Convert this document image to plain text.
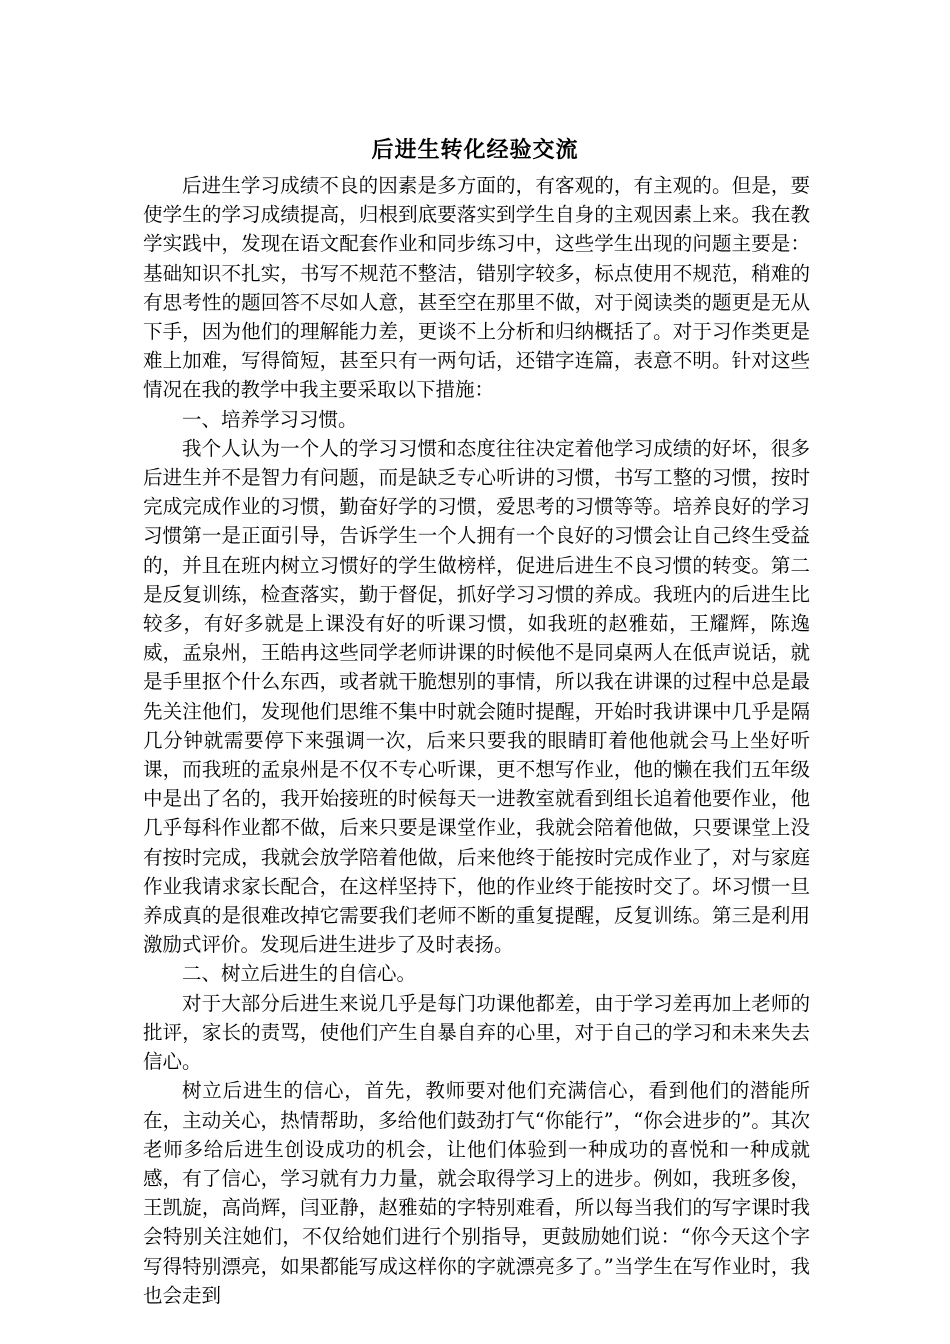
后进生转化经验交流

后进生学习成绩不良的因素是多方面的，有客观的，有主观的。但是，要使学生的学习成绩提高，归根到底要落实到学生自身的主观因素上来。我在教学实践中，发现在语文配套作业和同步练习中，这些学生出现的问题主要是：基础知识不扎实，书写不规范不整洁，错别字较多，标点使用不规范，稍难的有思考性的题回答不尽如人意，甚至空在那里不做，对于阅读类的题更是无从下手，因为他们的理解能力差，更谈不上分析和归纳概括了。对于习作类更是难上加难，写得简短，甚至只有一两句话，还错字连篇，表意不明。针对这些情况在我的教学中我主要采取以下措施：

一、培养学习习惯。

我个人认为一个人的学习习惯和态度往往决定着他学习成绩的好坏，很多后进生并不是智力有问题，而是缺乏专心听讲的习惯，书写工整的习惯，按时完成完成作业的习惯，勤奋好学的习惯，爱思考的习惯等等。培养良好的学习习惯第一是正面引导，告诉学生一个人拥有一个良好的习惯会让自己终生受益的，并且在班内树立习惯好的学生做榜样，促进后进生不良习惯的转变。第二是反复训练，检查落实，勤于督促，抓好学习习惯的养成。我班内的后进生比较多，有好多就是上课没有好的听课习惯，如我班的赵雅茹，王耀辉，陈逸威，孟泉州，王皓冉这些同学老师讲课的时候他不是同桌两人在低声说话，就是手里抠个什么东西，或者就干脆想别的事情，所以我在讲课的过程中总是最先关注他们，发现他们思维不集中时就会随时提醒，开始时我讲课中几乎是隔几分钟就需要停下来强调一次，后来只要我的眼睛盯着他他就会马上坐好听课，而我班的孟泉州是不仅不专心听课，更不想写作业，他的懒在我们五年级中是出了名的，我开始接班的时候每天一进教室就看到组长追着他要作业，他几乎每科作业都不做，后来只要是课堂作业，我就会陪着他做，只要课堂上没有按时完成，我就会放学陪着他做，后来他终于能按时完成作业了，对与家庭作业我请求家长配合，在这样坚持下，他的作业终于能按时交了。坏习惯一旦养成真的是很难改掉它需要我们老师不断的重复提醒，反复训练。第三是利用激励式评价。发现后进生进步了及时表扬。

二、树立后进生的自信心。

对于大部分后进生来说几乎是每门功课他都差，由于学习差再加上老师的批评，家长的责骂，使他们产生自暴自弃的心里，对于自己的学习和未来失去信心。

树立后进生的信心，首先，教师要对他们充满信心，看到他们的潜能所在，主动关心，热情帮助，多给他们鼓劲打气“你能行”，“你会进步的”。其次老师多给后进生创设成功的机会，让他们体验到一种成功的喜悦和一种成就感，有了信心，学习就有力力量，就会取得学习上的进步。例如，我班多俊，王凯旋，高尚辉，闫亚静，赵雅茹的字特别难看，所以每当我们的写字课时我会特别关注她们，不仅给她们进行个别指导，更鼓励她们说：“你今天这个字写得特别漂亮，如果都能写成这样你的字就漂亮多了。”当学生在写作业时，我也会走到
